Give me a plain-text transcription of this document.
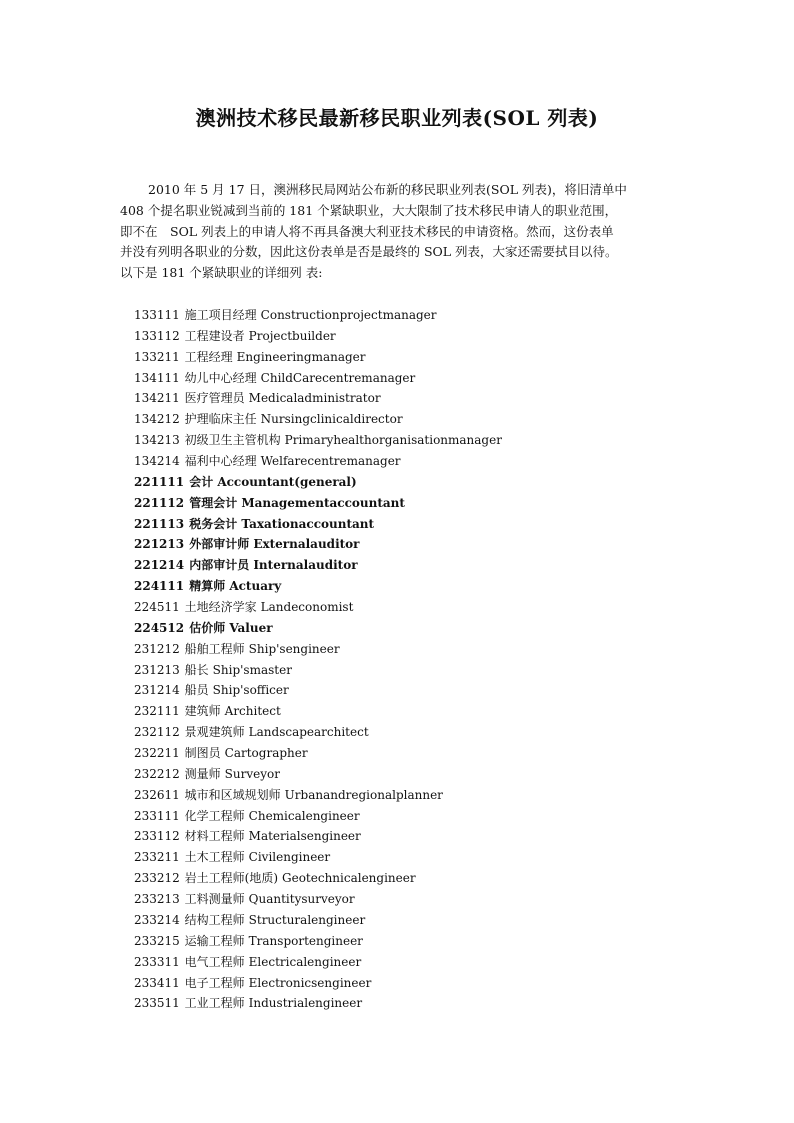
澳洲技术移民最新移民职业列表(SOL 列表)

2010 年 5 月 17 日，澳洲移民局网站公布新的移民职业列表(SOL 列表)，将旧清单中

408 个提名职业锐减到当前的 181 个紧缺职业，大大限制了技术移民申请人的职业范围，

即不在　SOL 列表上的申请人将不再具备澳大利亚技术移民的申请资格。然而，这份表单

并没有列明各职业的分数，因此这份表单是否是最终的 SOL 列表，大家还需要拭目以待。

以下是 181 个紧缺职业的详细列 表:

133111 施工项目经理 Constructionprojectmanager
133112 工程建设者 Projectbuilder
133211 工程经理 Engineeringmanager
134111 幼儿中心经理 ChildCarecentremanager
134211 医疗管理员 Medicaladministrator
134212 护理临床主任 Nursingclinicaldirector
134213 初级卫生主管机构 Primaryhealthorganisationmanager
134214 福利中心经理 Welfarecentremanager
221111 会计 Accountant(general)
221112 管理会计 Managementaccountant
221113 税务会计 Taxationaccountant
221213 外部审计师 Externalauditor
221214 内部审计员 Internalauditor
224111 精算师 Actuary
224511 土地经济学家 Landeconomist
224512 估价师 Valuer
231212 船舶工程师 Ship'sengineer
231213 船长 Ship'smaster
231214 船员 Ship'sofficer
232111 建筑师 Architect
232112 景观建筑师 Landscapearchitect
232211 制图员 Cartographer
232212 测量师 Surveyor
232611 城市和区域规划师 Urbanandregionalplanner
233111 化学工程师 Chemicalengineer
233112 材料工程师 Materialsengineer
233211 土木工程师 Civilengineer
233212 岩土工程师(地质) Geotechnicalengineer
233213 工料测量师 Quantitysurveyor
233214 结构工程师 Structuralengineer
233215 运输工程师 Transportengineer
233311 电气工程师 Electricalengineer
233411 电子工程师 Electronicsengineer
233511 工业工程师 Industrialengineer
